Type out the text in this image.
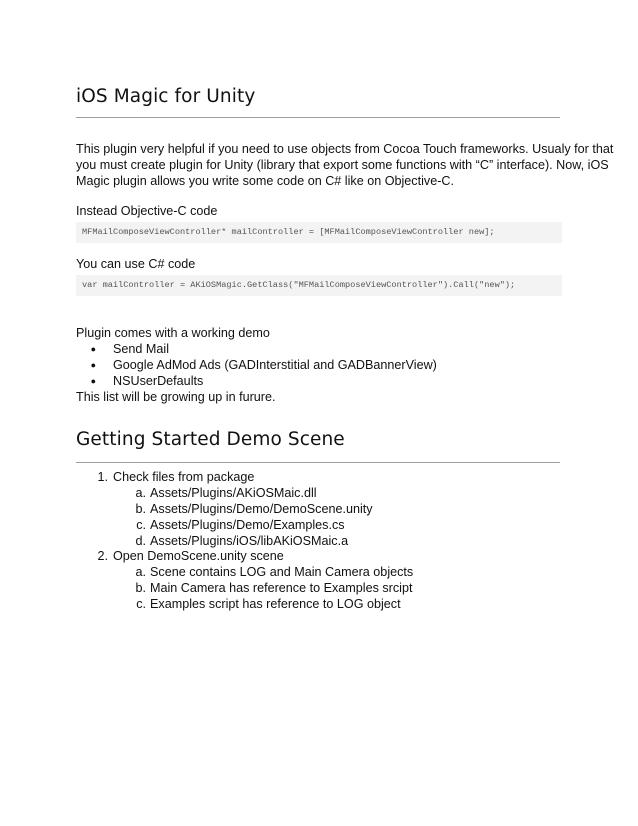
iOS Magic for Unity
This plugin very helpful if you need to use objects from Cocoa Touch frameworks. Usualy for that
you must create plugin for Unity (library that export some functions with “C” interface). Now, iOS
Magic plugin allows you write some code on C# like on Objective-C.
Instead Objective-C code
MFMailComposeViewController* mailController = [MFMailComposeViewController new];
You can use C# code
var mailController = AKiOSMagic.GetClass("MFMailComposeViewController").Call("new");
Plugin comes with a working demo
● Send Mail
● Google AdMod Ads (GADInterstitial and GADBannerView)
● NSUserDefaults
This list will be growing up in furure.
Getting Started Demo Scene
1. Check files from package
a. Assets/Plugins/AKiOSMaic.dll
b. Assets/Plugins/Demo/DemoScene.unity
c. Assets/Plugins/Demo/Examples.cs
d. Assets/Plugins/iOS/libAKiOSMaic.a
2. Open DemoScene.unity scene
a. Scene contains LOG and Main Camera objects
b. Main Camera has reference to Examples srcipt
c. Examples script has reference to LOG object
